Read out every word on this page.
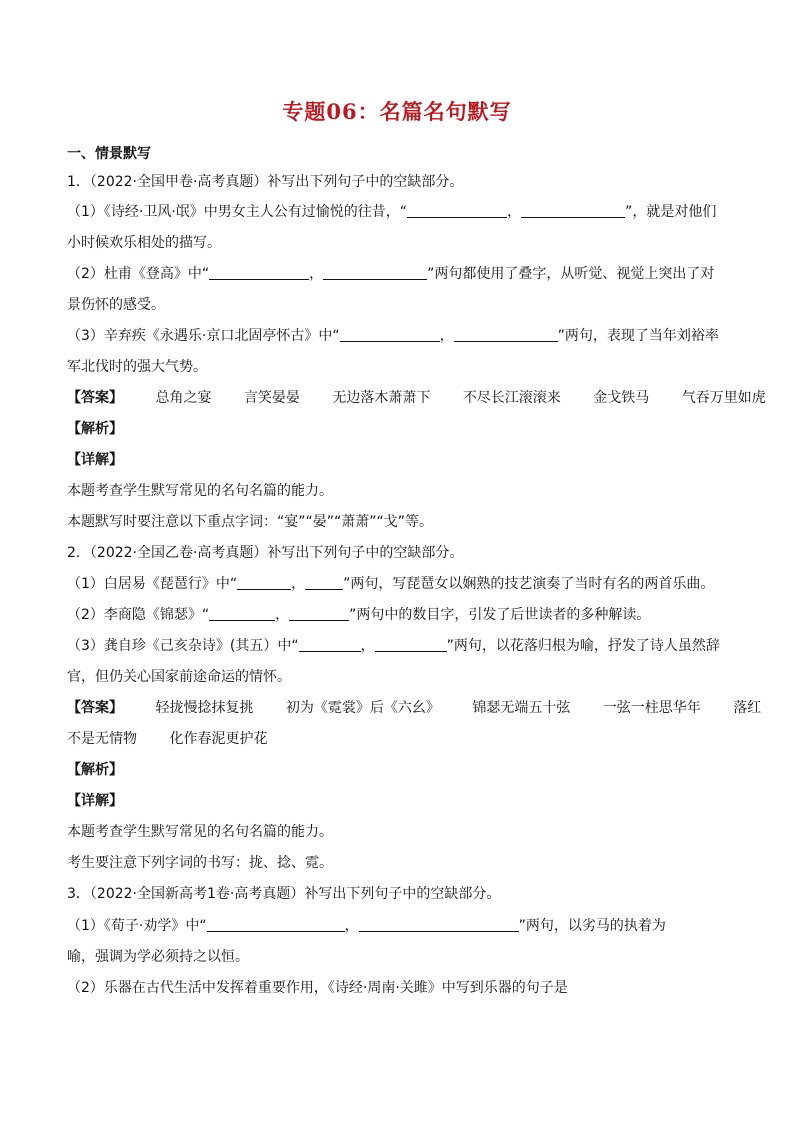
专题06：名篇名句默写
一、情景默写
1．（2022·全国甲卷·高考真题）补写出下列句子中的空缺部分。
（1）《诗经·卫风·氓》中男女主人公有过愉悦的往昔，“	，	”，就是对他们
小时候欢乐相处的描写。
（2）杜甫《登高》中“	，	”两句都使用了叠字，从听觉、视觉上突出了对
景伤怀的感受。
（3）辛弃疾《永遇乐·京口北固亭怀古》中“	，	”两句，表现了当年刘裕率
军北伐时的强大气势。
【答案】 总角之宴 言笑晏晏 无边落木萧萧下 不尽长江滚滚来 金戈铁马 气吞万里如虎
【解析】
【详解】
本题考查学生默写常见的名句名篇的能力。
本题默写时要注意以下重点字词：“宴”“晏”“萧萧”“戈”等。
2．（2022·全国乙卷·高考真题）补写出下列句子中的空缺部分。
（1）白居易《琵琶行》中“	，	”两句，写琵琶女以娴熟的技艺演奏了当时有名的两首乐曲。
（2）李商隐《锦瑟》“	，	”两句中的数目字，引发了后世读者的多种解读。
（3）龚自珍《己亥杂诗》(其五）中“	，	”两句，以花落归根为喻，抒发了诗人虽然辞
官，但仍关心国家前途命运的情怀。
【答案】 轻拢慢捻抹复挑 初为《霓裳》后《六幺》 锦瑟无端五十弦 一弦一柱思华年 落红
不是无情物 化作春泥更护花
【解析】
【详解】
本题考查学生默写常见的名句名篇的能力。
考生要注意下列字词的书写：拢、捻、霓。
3．（2022·全国新高考1卷·高考真题）补写出下列句子中的空缺部分。
（1）《荀子·劝学》中“	，	”两句，以劣马的执着为
喻，强调为学必须持之以恒。
（2）乐器在古代生活中发挥着重要作用，《诗经·周南·关雎》中写到乐器的句子是
